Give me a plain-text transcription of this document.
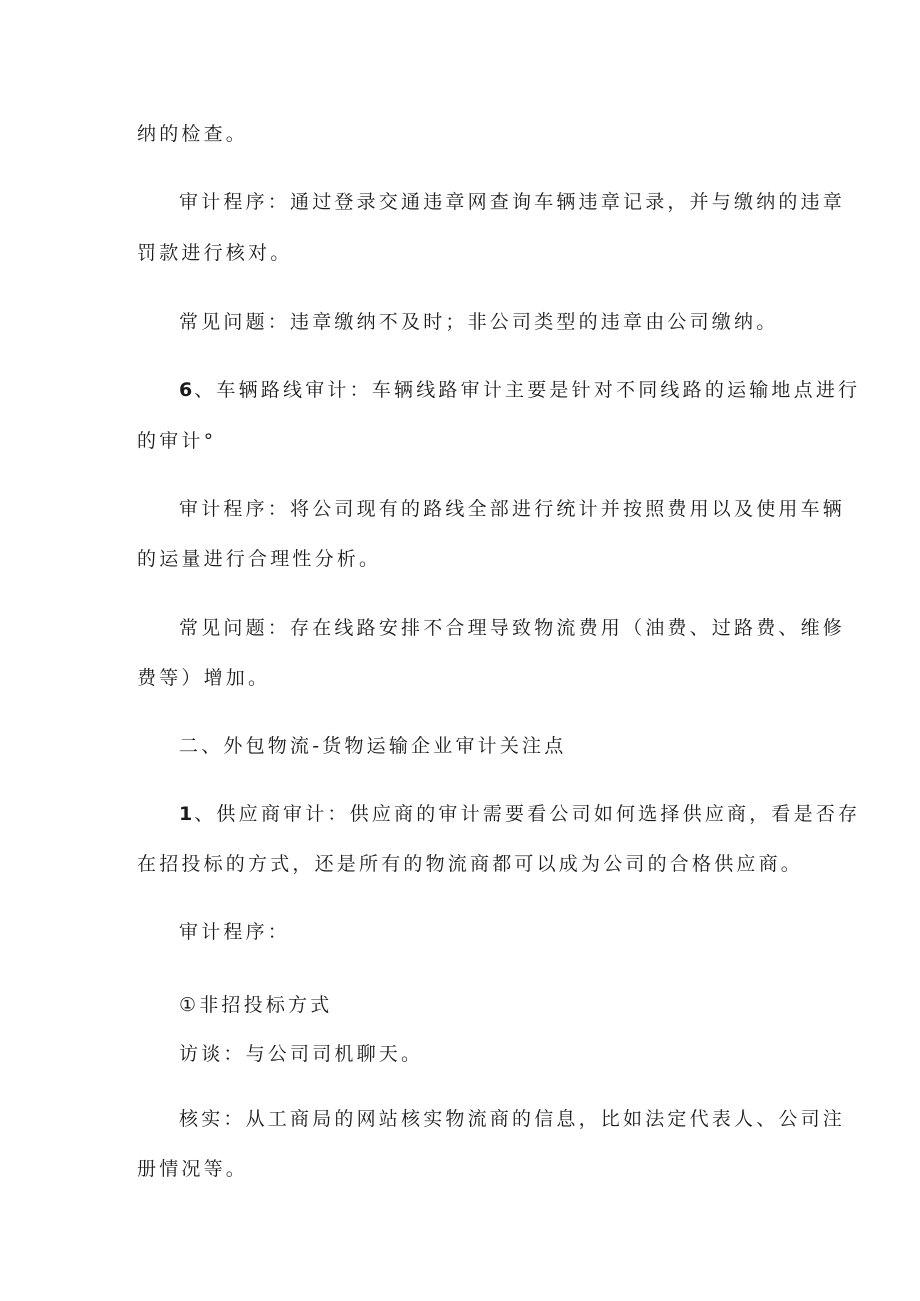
纳的检查。
审计程序：通过登录交通违章网查询车辆违章记录，并与缴纳的违章
罚款进行核对。
常见问题：违章缴纳不及时；非公司类型的违章由公司缴纳。
6、车辆路线审计：车辆线路审计主要是针对不同线路的运输地点进行
的审计°
审计程序：将公司现有的路线全部进行统计并按照费用以及使用车辆
的运量进行合理性分析。
常见问题：存在线路安排不合理导致物流费用（油费、过路费、维修
费等）增加。
二、外包物流-货物运输企业审计关注点
1、供应商审计：供应商的审计需要看公司如何选择供应商，看是否存
在招投标的方式，还是所有的物流商都可以成为公司的合格供应商。
审计程序：
①非招投标方式
访谈：与公司司机聊天。
核实：从工商局的网站核实物流商的信息，比如法定代表人、公司注
册情况等。
